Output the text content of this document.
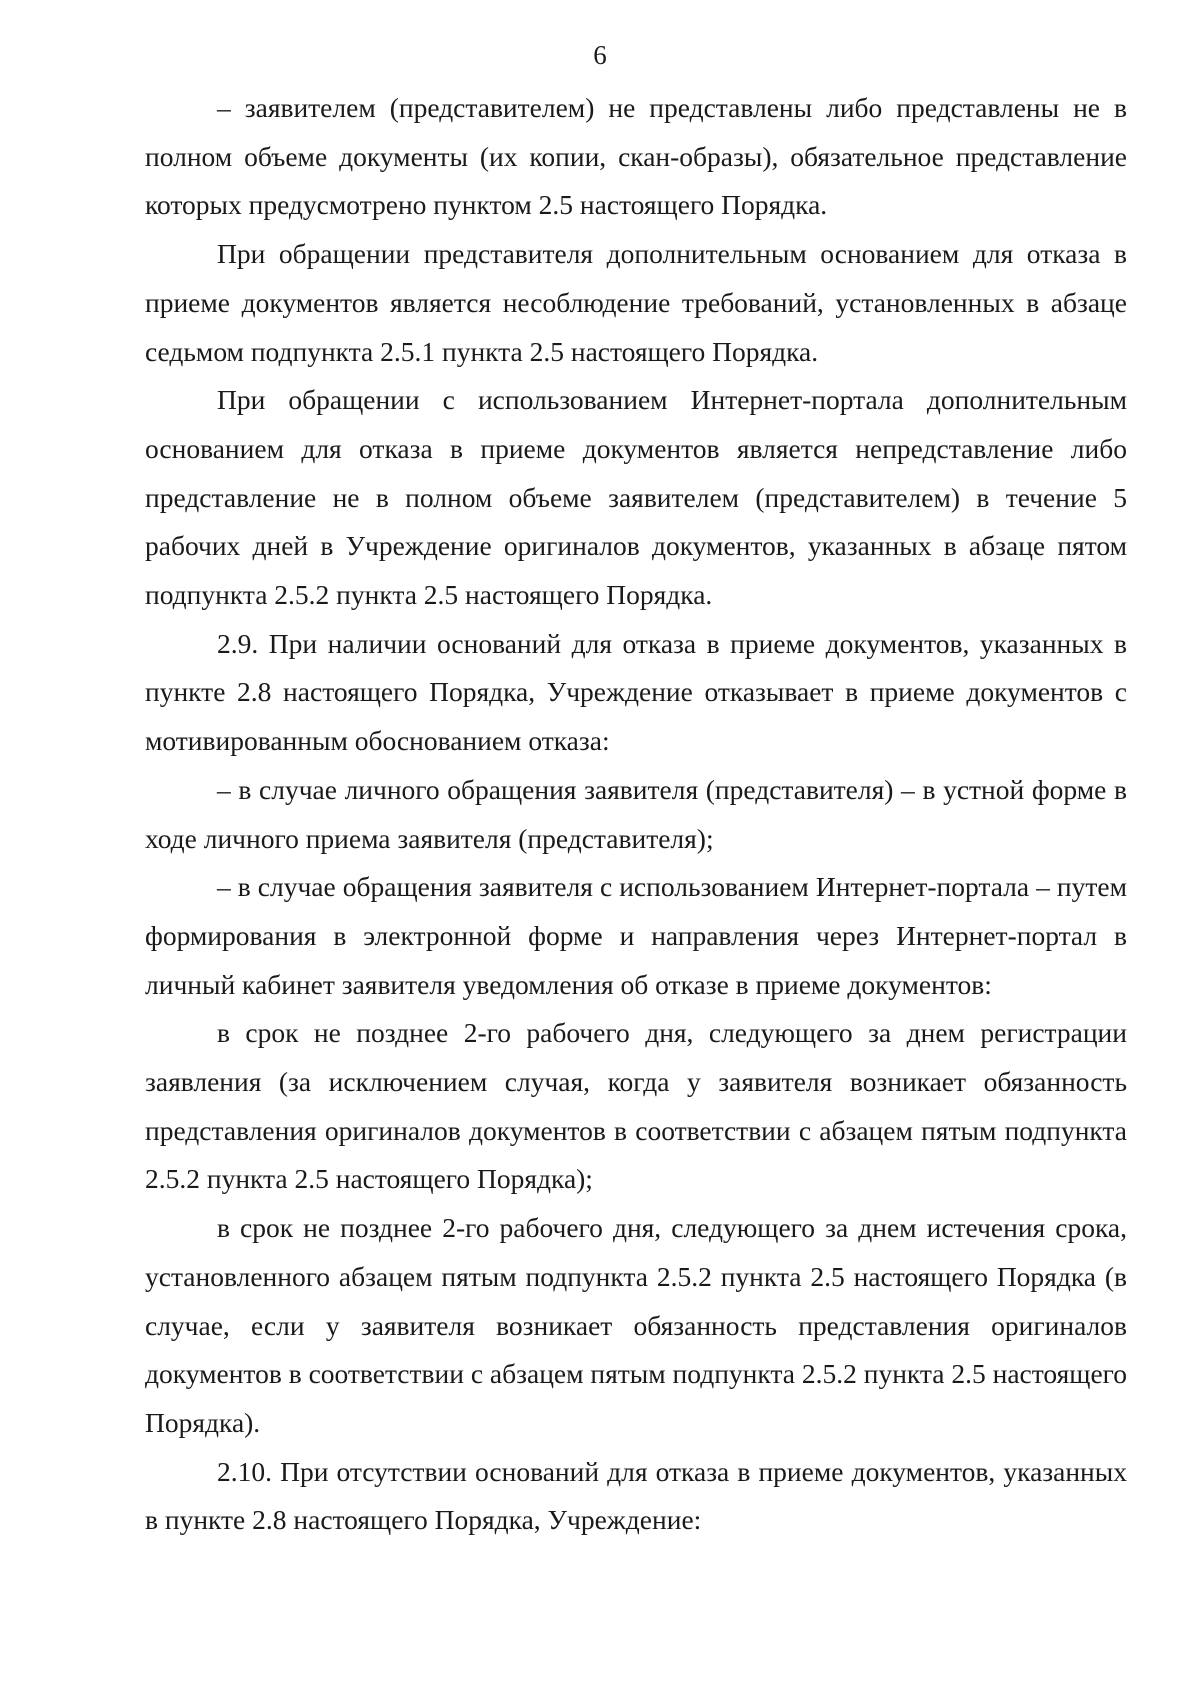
6

– заявителем (представителем) не представлены либо представлены не в полном объеме документы (их копии, скан-образы), обязательное представление которых предусмотрено пунктом 2.5 настоящего Порядка.

При обращении представителя дополнительным основанием для отказа в приеме документов является несоблюдение требований, установленных в абзаце седьмом подпункта 2.5.1 пункта 2.5 настоящего Порядка.

При обращении с использованием Интернет-портала дополнительным основанием для отказа в приеме документов является непредставление либо представление не в полном объеме заявителем (представителем) в течение 5 рабочих дней в Учреждение оригиналов документов, указанных в абзаце пятом подпункта 2.5.2 пункта 2.5 настоящего Порядка.

2.9. При наличии оснований для отказа в приеме документов, указанных в пункте 2.8 настоящего Порядка, Учреждение отказывает в приеме документов с мотивированным обоснованием отказа:

– в случае личного обращения заявителя (представителя) – в устной форме в ходе личного приема заявителя (представителя);

– в случае обращения заявителя с использованием Интернет-портала – путем формирования в электронной форме и направления через Интернет-портал в личный кабинет заявителя уведомления об отказе в приеме документов:

в срок не позднее 2-го рабочего дня, следующего за днем регистрации заявления (за исключением случая, когда у заявителя возникает обязанность представления оригиналов документов в соответствии с абзацем пятым подпункта 2.5.2 пункта 2.5 настоящего Порядка);

в срок не позднее 2-го рабочего дня, следующего за днем истечения срока, установленного абзацем пятым подпункта 2.5.2 пункта 2.5 настоящего Порядка (в случае, если у заявителя возникает обязанность представления оригиналов документов в соответствии с абзацем пятым подпункта 2.5.2 пункта 2.5 настоящего Порядка).

2.10. При отсутствии оснований для отказа в приеме документов, указанных в пункте 2.8 настоящего Порядка, Учреждение:
